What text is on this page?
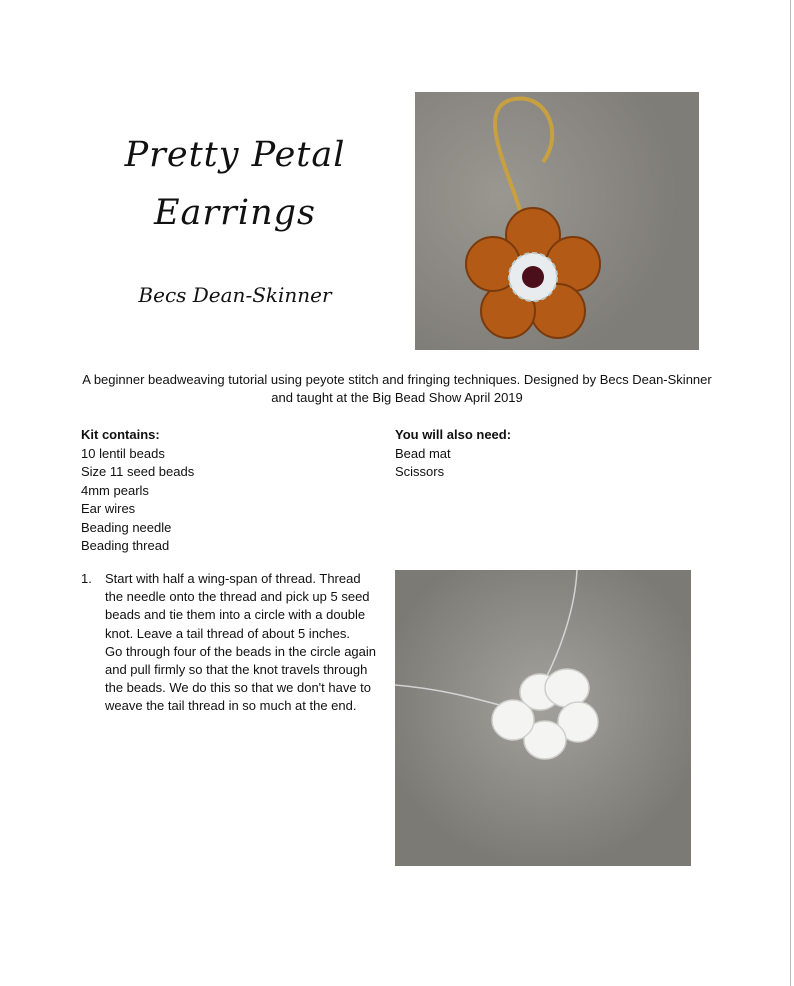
Pretty Petal
Earrings
Becs Dean-Skinner
A beginner beadweaving tutorial using peyote stitch and fringing techniques. Designed by Becs Dean-Skinner and taught at the Big Bead Show April 2019
Kit contains:
10 lentil beads
Size 11 seed beads
4mm pearls
Ear wires
Beading needle
Beading thread
You will also need:
Bead mat
Scissors
1.	Start with half a wing-span of thread. Thread the needle onto the thread and pick up 5 seed beads and tie them into a circle with a double knot. Leave a tail thread of about 5 inches.

Go through four of the beads in the circle again and pull firmly so that the knot travels through the beads. We do this so that we don't have to weave the tail thread in so much at the end.
